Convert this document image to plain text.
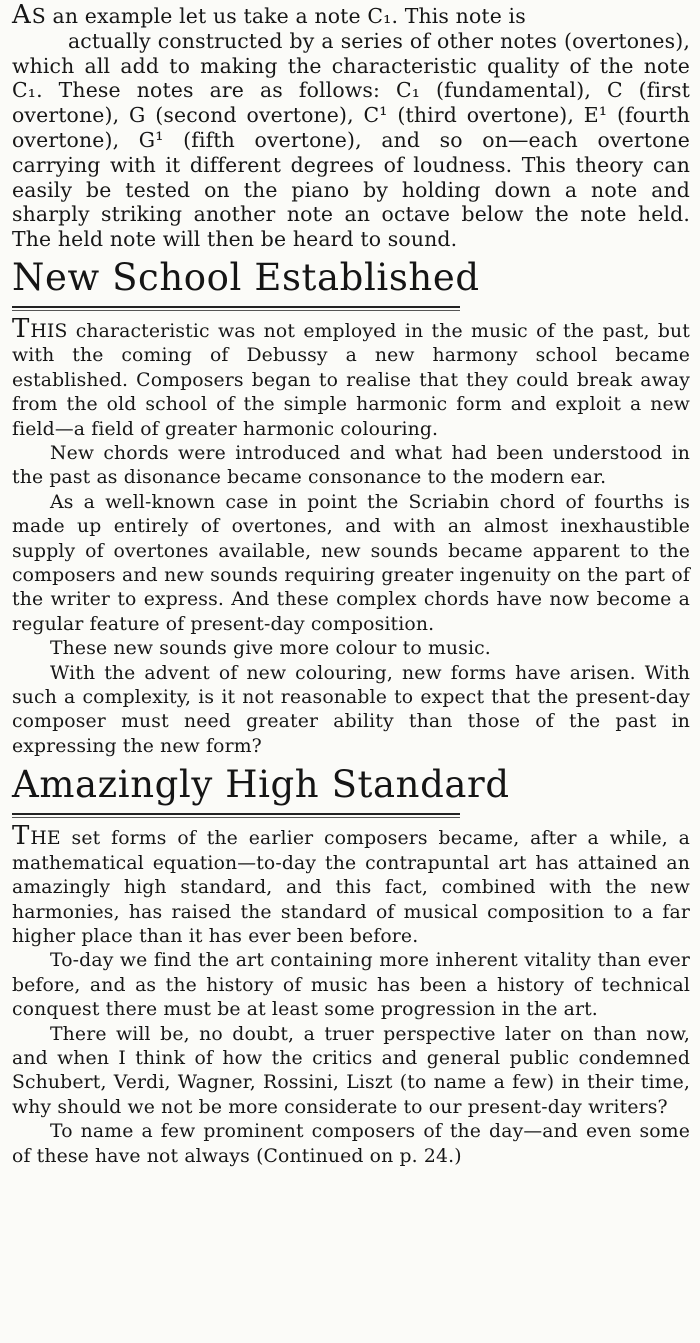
AS an example let us take a note C₁. This note is

actually constructed by a series of other notes (overtones), which all add to making the characteristic quality of the note C₁. These notes are as follows: C₁ (fundamental), C (first overtone), G (second overtone), C¹ (third overtone), E¹ (fourth overtone), G¹ (fifth overtone), and so on—each overtone carrying with it different degrees of loudness. This theory can easily be tested on the piano by holding down a note and sharply striking another note an octave below the note held. The held note will then be heard to sound.

New School Established

THIS characteristic was not employed in the music of the past, but with the coming of Debussy a new harmony school became established. Composers began to realise that they could break away from the old school of the simple harmonic form and exploit a new field—a field of greater harmonic colouring.

New chords were introduced and what had been understood in the past as disonance became consonance to the modern ear.

As a well-known case in point the Scriabin chord of fourths is made up entirely of overtones, and with an almost inexhaustible supply of overtones available, new sounds became apparent to the composers and new sounds requiring greater ingenuity on the part of the writer to express. And these complex chords have now become a regular feature of present-day composition.

These new sounds give more colour to music.

With the advent of new colouring, new forms have arisen. With such a complexity, is it not reasonable to expect that the present-day composer must need greater ability than those of the past in expressing the new form?

Amazingly High Standard

THE set forms of the earlier composers became, after a while, a mathematical equation—to-day the contrapuntal art has attained an amazingly high standard, and this fact, combined with the new harmonies, has raised the standard of musical composition to a far higher place than it has ever been before.

To-day we find the art containing more inherent vitality than ever before, and as the history of music has been a history of technical conquest there must be at least some progression in the art.

There will be, no doubt, a truer perspective later on than now, and when I think of how the critics and general public condemned Schubert, Verdi, Wagner, Rossini, Liszt (to name a few) in their time, why should we not be more considerate to our present-day writers?

To name a few prominent composers of the day—and even some of these have not always (Continued on p. 24.)
